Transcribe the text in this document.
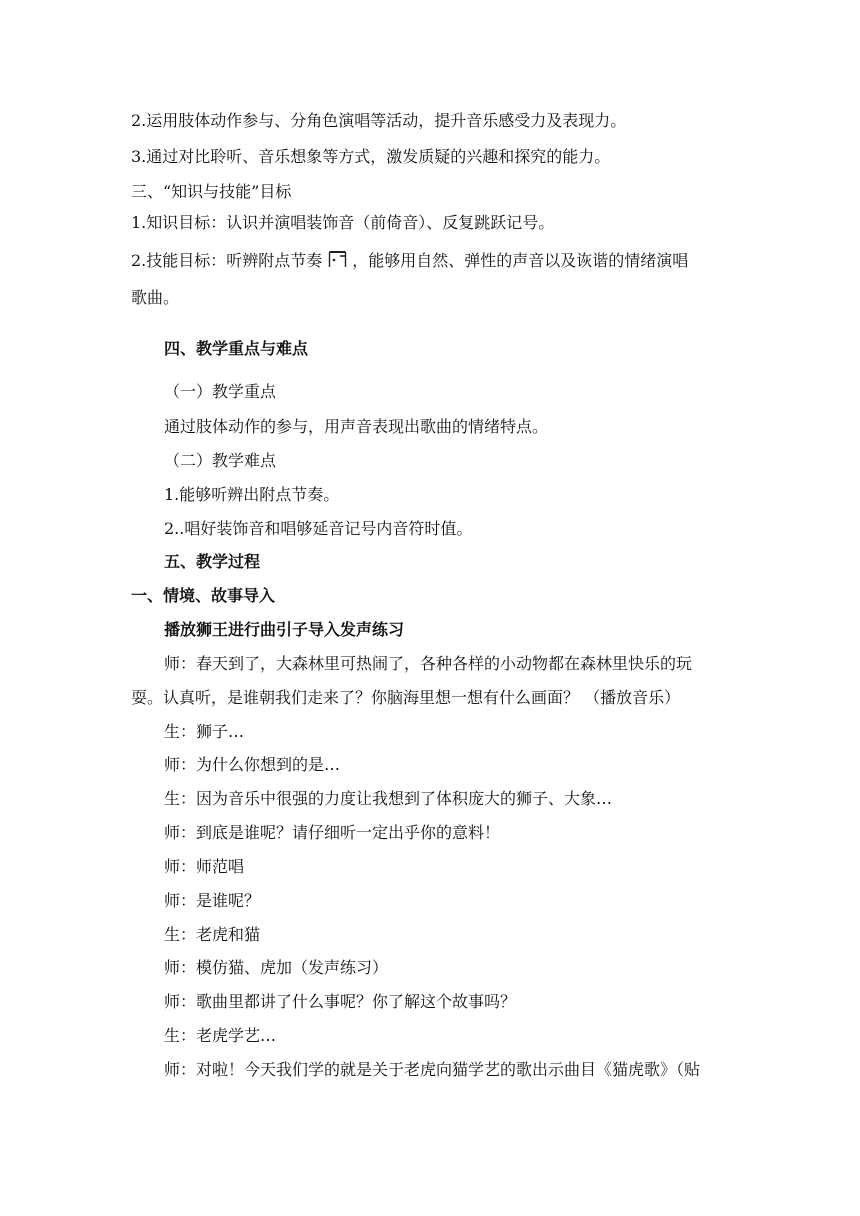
2.运用肢体动作参与、分角色演唱等活动，提升音乐感受力及表现力。
3.通过对比聆听、音乐想象等方式，激发质疑的兴趣和探究的能力。
三、“知识与技能”目标
1.知识目标：认识并演唱装饰音（前倚音）、反复跳跃记号。
2.技能目标：听辨附点节奏 ，能够用自然、弹性的声音以及诙谐的情绪演唱
歌曲。
四、教学重点与难点
（一）教学重点
通过肢体动作的参与，用声音表现出歌曲的情绪特点。
（二）教学难点
1.能够听辨出附点节奏。
2..唱好装饰音和唱够延音记号内音符时值。
五、教学过程
一、情境、故事导入
播放狮王进行曲引子导入发声练习
师：春天到了，大森林里可热闹了，各种各样的小动物都在森林里快乐的玩
耍。认真听，是谁朝我们走来了？你脑海里想一想有什么画面？ （播放音乐）
生：狮子…
师：为什么你想到的是…
生：因为音乐中很强的力度让我想到了体积庞大的狮子、大象…
师：到底是谁呢？请仔细听一定出乎你的意料！
师：师范唱
师：是谁呢？
生：老虎和猫
师：模仿猫、虎加（发声练习）
师：歌曲里都讲了什么事呢？你了解这个故事吗？
生：老虎学艺…
师：对啦！今天我们学的就是关于老虎向猫学艺的歌出示曲目《猫虎歌》（贴
